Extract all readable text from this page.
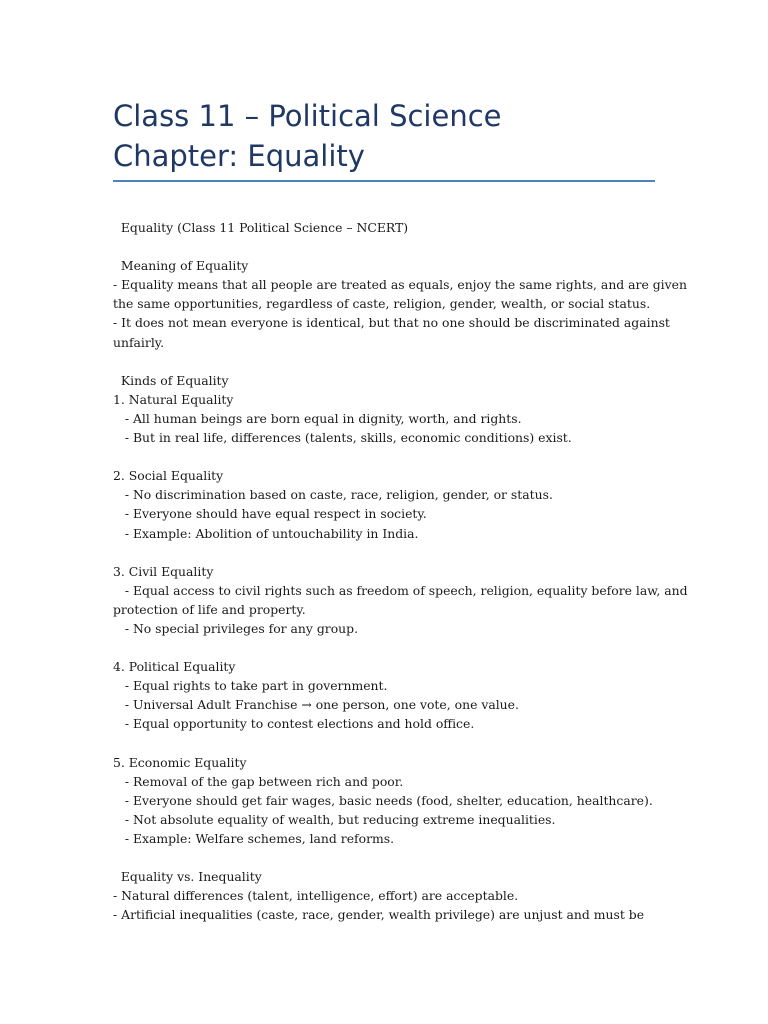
Class 11 – Political Science
Chapter: Equality
Equality (Class 11 Political Science – NCERT)
Meaning of Equality
- Equality means that all people are treated as equals, enjoy the same rights, and are given
the same opportunities, regardless of caste, religion, gender, wealth, or social status.
- It does not mean everyone is identical, but that no one should be discriminated against
unfairly.
Kinds of Equality
1. Natural Equality
- All human beings are born equal in dignity, worth, and rights.
- But in real life, differences (talents, skills, economic conditions) exist.
2. Social Equality
- No discrimination based on caste, race, religion, gender, or status.
- Everyone should have equal respect in society.
- Example: Abolition of untouchability in India.
3. Civil Equality
- Equal access to civil rights such as freedom of speech, religion, equality before law, and
protection of life and property.
- No special privileges for any group.
4. Political Equality
- Equal rights to take part in government.
- Universal Adult Franchise → one person, one vote, one value.
- Equal opportunity to contest elections and hold office.
5. Economic Equality
- Removal of the gap between rich and poor.
- Everyone should get fair wages, basic needs (food, shelter, education, healthcare).
- Not absolute equality of wealth, but reducing extreme inequalities.
- Example: Welfare schemes, land reforms.
Equality vs. Inequality
- Natural differences (talent, intelligence, effort) are acceptable.
- Artificial inequalities (caste, race, gender, wealth privilege) are unjust and must be
